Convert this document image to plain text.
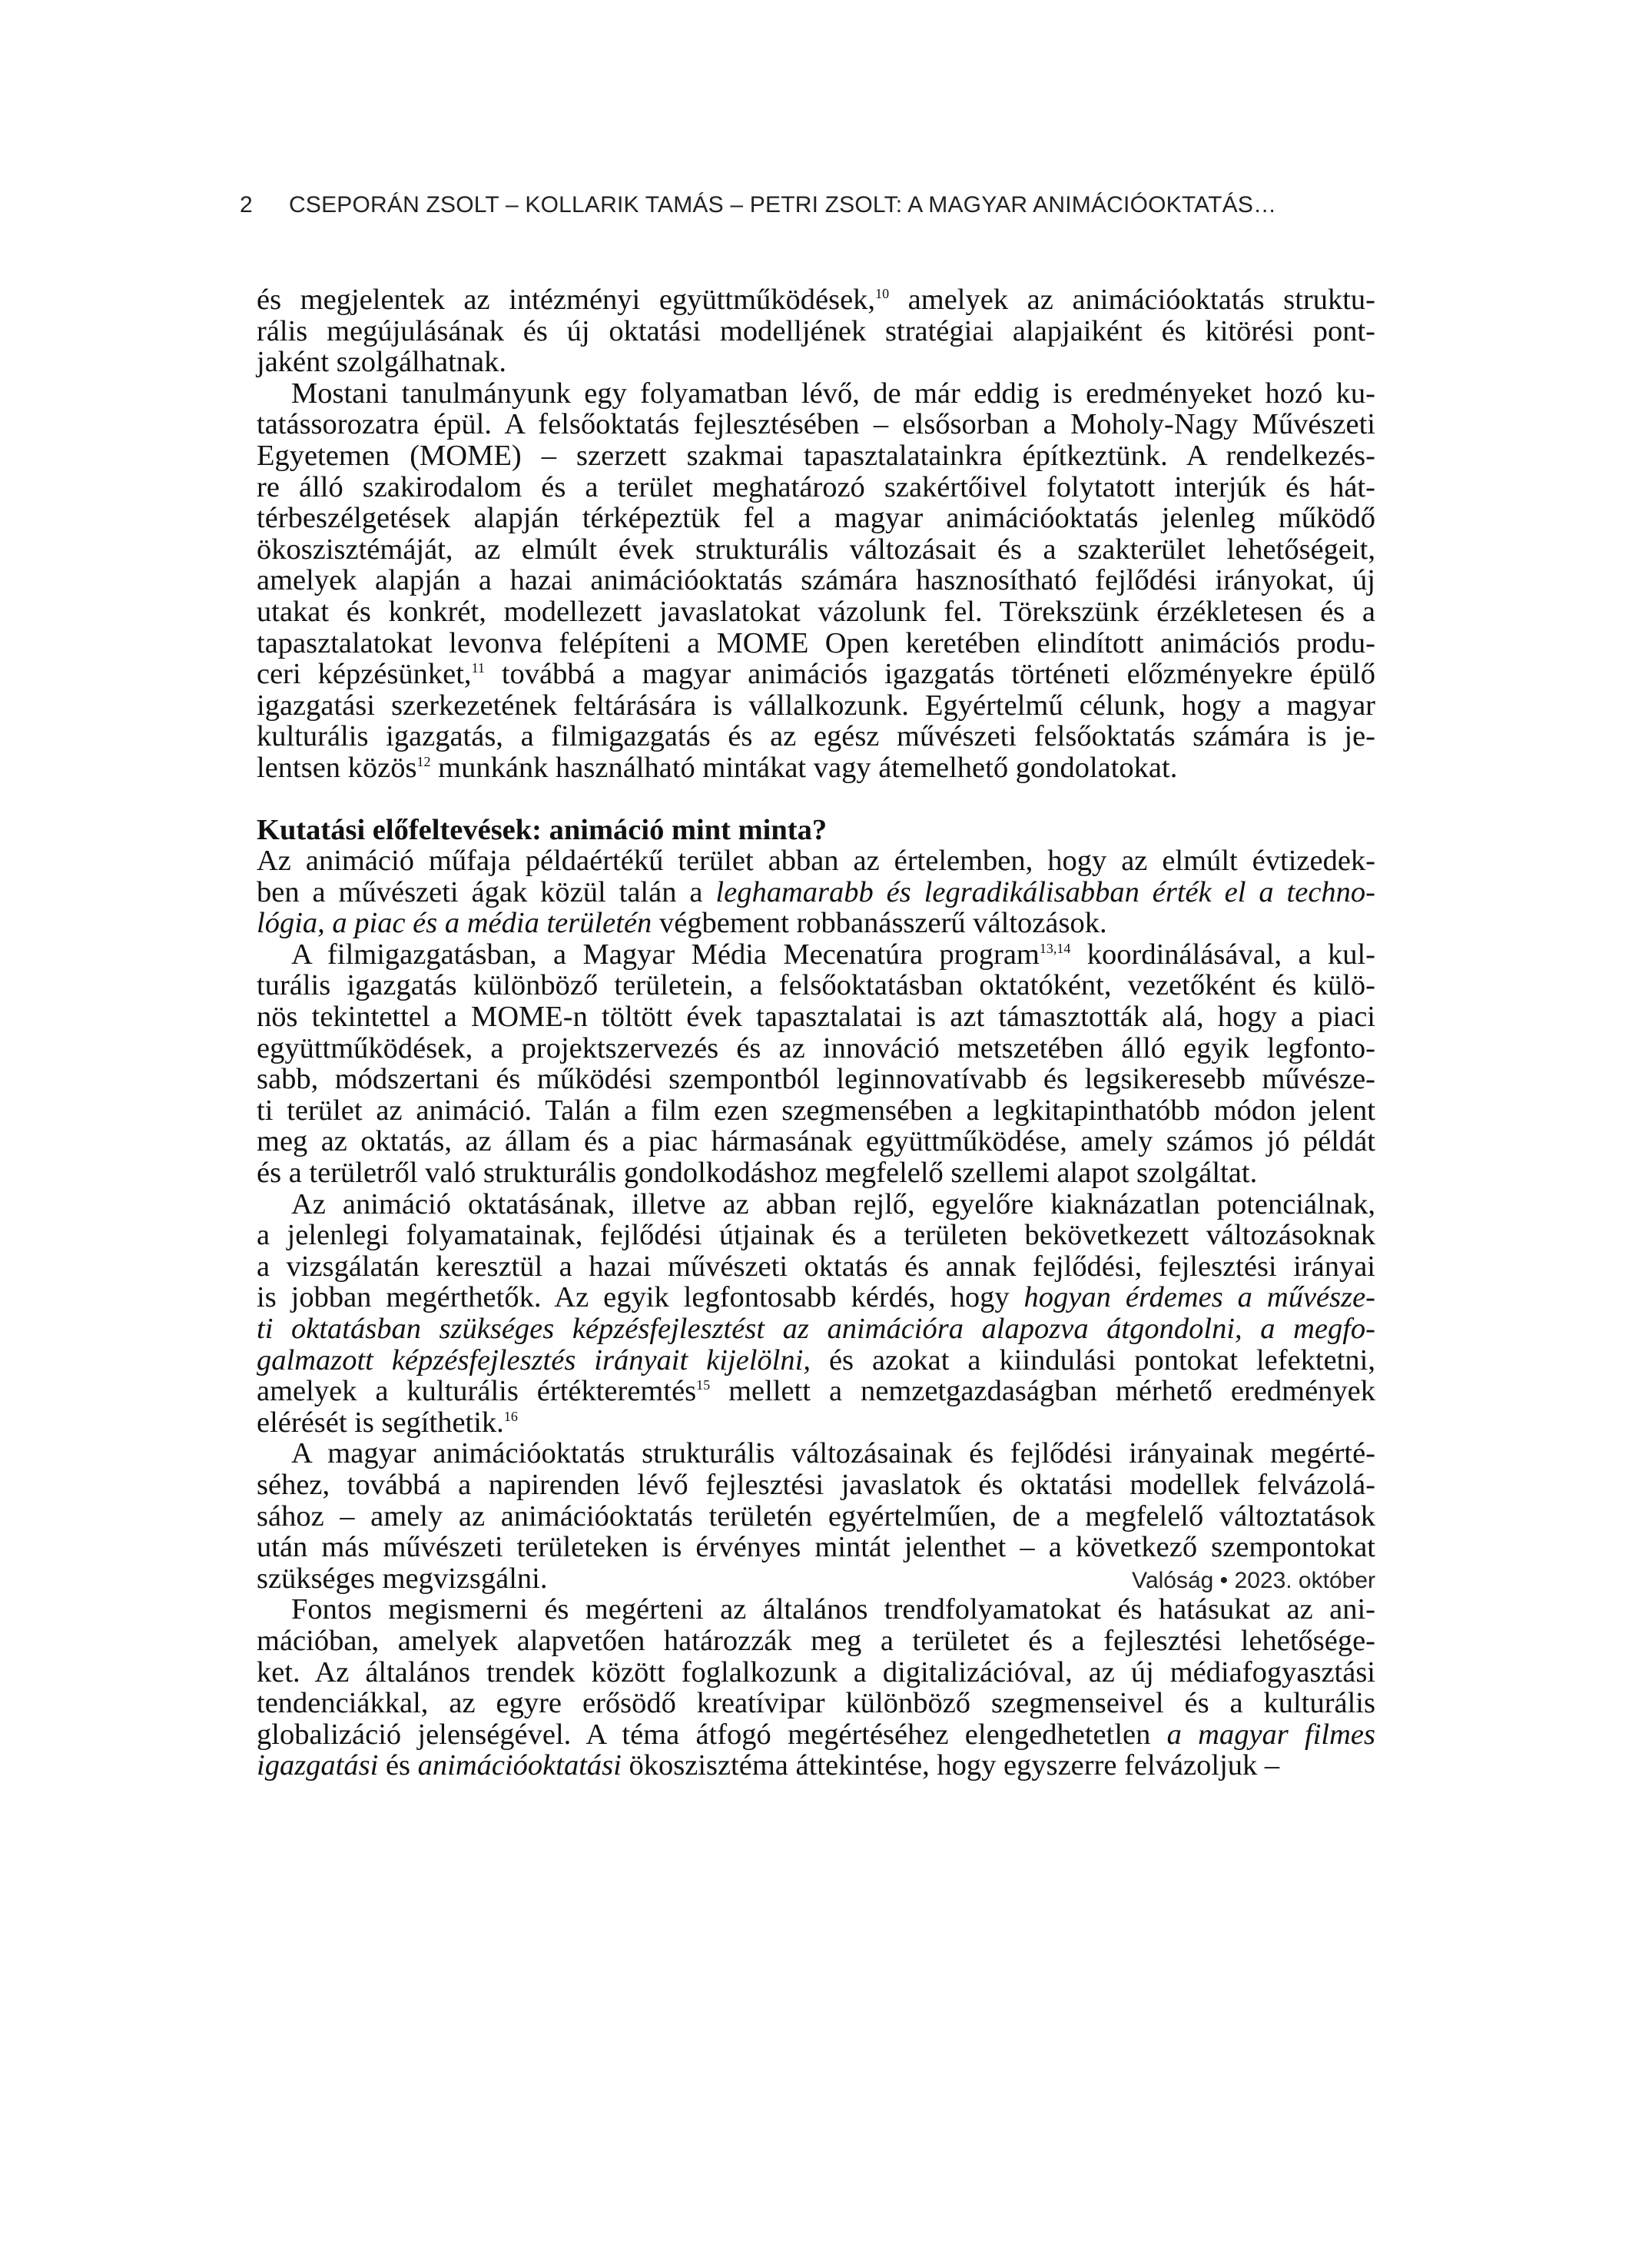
2 CSEPORÁN ZSOLT – KOLLARIK TAMÁS – PETRI ZSOLT: A MAGYAR ANIMÁCIÓOKTATÁS…
és megjelentek az intézményi együttműködések,$^{10}$ amelyek az animációoktatás struktu-
rális megújulásának és új oktatási modelljének stratégiai alapjaiként és kitörési pont-
jaként szolgálhatnak.
Mostani tanulmányunk egy folyamatban lévő, de már eddig is eredményeket hozó ku-
tatássorozatra épül. A felsőoktatás fejlesztésében – elsősorban a Moholy-Nagy Művészeti
Egyetemen (MOME) – szerzett szakmai tapasztalatainkra építkeztünk. A rendelkezés-
re álló szakirodalom és a terület meghatározó szakértőivel folytatott interjúk és hát-
térbeszélgetések alapján térképeztük fel a magyar animációoktatás jelenleg működő
ökoszisztémáját, az elmúlt évek strukturális változásait és a szakterület lehetőségeit,
amelyek alapján a hazai animációoktatás számára hasznosítható fejlődési irányokat, új
utakat és konkrét, modellezett javaslatokat vázolunk fel. Törekszünk érzékletesen és a
tapasztalatokat levonva felépíteni a MOME Open keretében elindított animációs produ-
ceri képzésünket,$^{11}$ továbbá a magyar animációs igazgatás történeti előzményekre épülő
igazgatási szerkezetének feltárására is vállalkozunk. Egyértelmű célunk, hogy a magyar
kulturális igazgatás, a filmigazgatás és az egész művészeti felsőoktatás számára is je-
lentsen közös$^{12}$ munkánk használható mintákat vagy átemelhető gondolatokat.
Kutatási előfeltevések: animáció mint minta?
Az animáció műfaja példaértékű terület abban az értelemben, hogy az elmúlt évtizedek-
ben a művészeti ágak közül talán a leghamarabb és legradikálisabban érték el a techno-
lógia, a piac és a média területén végbement robbanásszerű változások.
A filmigazgatásban, a Magyar Média Mecenatúra program$^{13,14}$ koordinálásával, a kul-
turális igazgatás különböző területein, a felsőoktatásban oktatóként, vezetőként és külö-
nös tekintettel a MOME-n töltött évek tapasztalatai is azt támasztották alá, hogy a piaci
együttműködések, a projektszervezés és az innováció metszetében álló egyik legfonto-
sabb, módszertani és működési szempontból leginnovatívabb és legsikeresebb művésze-
ti terület az animáció. Talán a film ezen szegmensében a legkitapinthatóbb módon jelent
meg az oktatás, az állam és a piac hármasának együttműködése, amely számos jó példát
és a területről való strukturális gondolkodáshoz megfelelő szellemi alapot szolgáltat.
Az animáció oktatásának, illetve az abban rejlő, egyelőre kiaknázatlan potenciálnak,
a jelenlegi folyamatainak, fejlődési útjainak és a területen bekövetkezett változásoknak
a vizsgálatán keresztül a hazai művészeti oktatás és annak fejlődési, fejlesztési irányai
is jobban megérthetők. Az egyik legfontosabb kérdés, hogy hogyan érdemes a művésze-
ti oktatásban szükséges képzésfejlesztést az animációra alapozva átgondolni, a megfo-
galmazott képzésfejlesztés irányait kijelölni, és azokat a kiindulási pontokat lefektetni,
amelyek a kulturális értékteremtés$^{15}$ mellett a nemzetgazdaságban mérhető eredmények
elérését is segíthetik.$^{16}$
A magyar animációoktatás strukturális változásainak és fejlődési irányainak megérté-
séhez, továbbá a napirenden lévő fejlesztési javaslatok és oktatási modellek felvázolá-
sához – amely az animációoktatás területén egyértelműen, de a megfelelő változtatások
után más művészeti területeken is érvényes mintát jelenthet – a következő szempontokat
szükséges megvizsgálni.
Fontos megismerni és megérteni az általános trendfolyamatokat és hatásukat az ani-
mációban, amelyek alapvetően határozzák meg a területet és a fejlesztési lehetősége-
ket. Az általános trendek között foglalkozunk a digitalizációval, az új médiafogyasztási
tendenciákkal, az egyre erősödő kreatívipar különböző szegmenseivel és a kulturális
globalizáció jelenségével. A téma átfogó megértéséhez elengedhetetlen a magyar filmes
igazgatási és animációoktatási ökoszisztéma áttekintése, hogy egyszerre felvázoljuk –
Valóság • 2023. október
